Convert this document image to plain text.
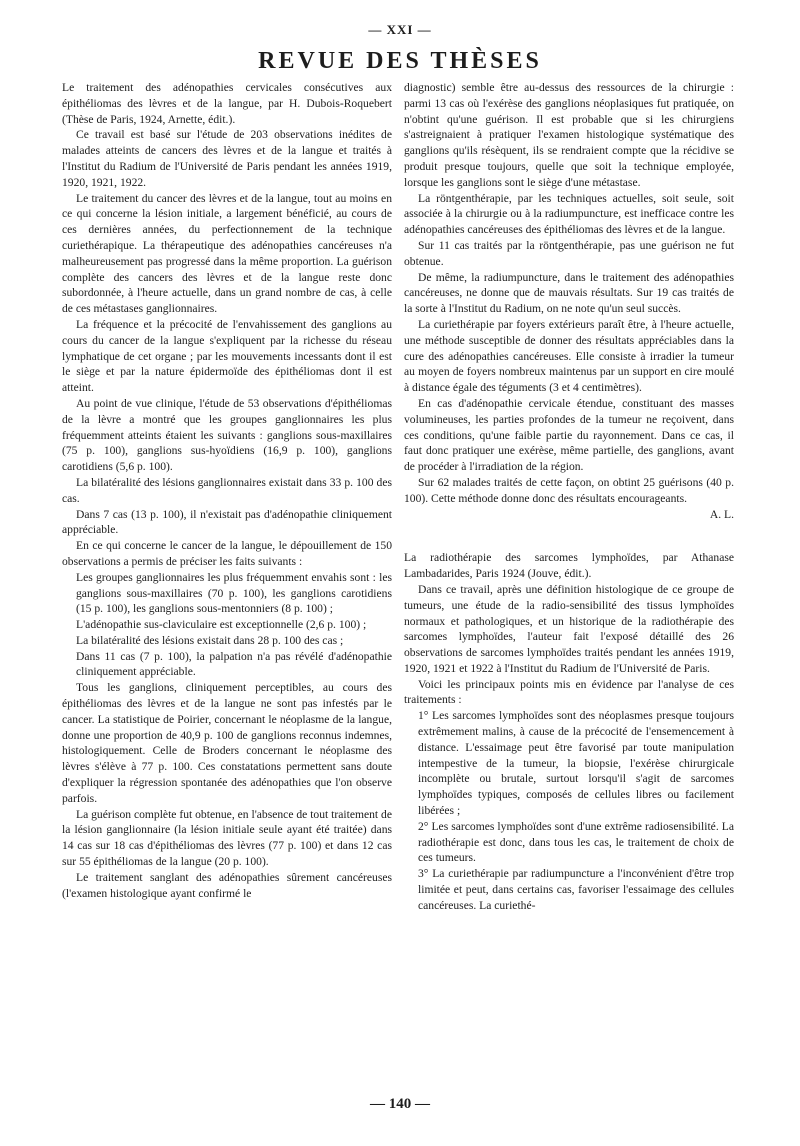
— XXI —
REVUE DES THÈSES

Le traitement des adénopathies cervicales consécutives aux épithéliomas des lèvres et de la langue, par H. Dubois-Roquebert (Thèse de Paris, 1924, Arnette, édit.).

Ce travail est basé sur l'étude de 203 observations inédites de malades atteints de cancers des lèvres et de la langue et traités à l'Institut du Radium de l'Université de Paris pendant les années 1919, 1920, 1921, 1922.

Le traitement du cancer des lèvres et de la langue, tout au moins en ce qui concerne la lésion initiale, a largement bénéficié, au cours de ces dernières années, du perfectionnement de la technique curiethérapique. La thérapeutique des adénopathies cancéreuses n'a malheureusement pas progressé dans la même proportion. La guérison complète des cancers des lèvres et de la langue reste donc subordonnée, à l'heure actuelle, dans un grand nombre de cas, à celle de ces métastases ganglionnaires.

La fréquence et la précocité de l'envahissement des ganglions au cours du cancer de la langue s'expliquent par la richesse du réseau lymphatique de cet organe ; par les mouvements incessants dont il est le siège et par la nature épidermoïde des épithéliomas dont il est atteint.

Au point de vue clinique, l'étude de 53 observations d'épithéliomas de la lèvre a montré que les groupes ganglionnaires les plus fréquemment atteints étaient les suivants : ganglions sous-maxillaires (75 p. 100), ganglions sus-hyoïdiens (16,9 p. 100), ganglions carotidiens (5,6 p. 100).

La bilatéralité des lésions ganglionnaires existait dans 33 p. 100 des cas.

Dans 7 cas (13 p. 100), il n'existait pas d'adénopathie cliniquement appréciable.

En ce qui concerne le cancer de la langue, le dépouillement de 150 observations a permis de préciser les faits suivants :

Les groupes ganglionnaires les plus fréquemment envahis sont : les ganglions sous-maxillaires (70 p. 100), les ganglions carotidiens (15 p. 100), les ganglions sous-mentonniers (8 p. 100) ;

L'adénopathie sus-claviculaire est exceptionnelle (2,6 p. 100) ;

La bilatéralité des lésions existait dans 28 p. 100 des cas ;

Dans 11 cas (7 p. 100), la palpation n'a pas révélé d'adénopathie cliniquement appréciable.

Tous les ganglions, cliniquement perceptibles, au cours des épithéliomas des lèvres et de la langue ne sont pas infestés par le cancer. La statistique de Poirier, concernant le néoplasme de la langue, donne une proportion de 40,9 p. 100 de ganglions reconnus indemnes, histologiquement. Celle de Broders concernant le néoplasme des lèvres s'élève à 77 p. 100. Ces constatations permettent sans doute d'expliquer la régression spontanée des adénopathies que l'on observe parfois.

La guérison complète fut obtenue, en l'absence de tout traitement de la lésion ganglionnaire (la lésion initiale seule ayant été traitée) dans 14 cas sur 18 cas d'épithéliomas des lèvres (77 p. 100) et dans 12 cas sur 55 épithéliomas de la langue (20 p. 100).

Le traitement sanglant des adénopathies sûrement cancéreuses (l'examen histologique ayant confirmé le

diagnostic) semble être au-dessus des ressources de la chirurgie : parmi 13 cas où l'exérèse des ganglions néoplasiques fut pratiquée, on n'obtint qu'une guérison. Il est probable que si les chirurgiens s'astreignaient à pratiquer l'examen histologique systématique des ganglions qu'ils résèquent, ils se rendraient compte que la récidive se produit presque toujours, quelle que soit la technique employée, lorsque les ganglions sont le siège d'une métastase.

La röntgenthérapie, par les techniques actuelles, soit seule, soit associée à la chirurgie ou à la radiumpuncture, est inefficace contre les adénopathies cancéreuses des épithéliomas des lèvres et de la langue.

Sur 11 cas traités par la röntgenthérapie, pas une guérison ne fut obtenue.

De même, la radiumpuncture, dans le traitement des adénopathies cancéreuses, ne donne que de mauvais résultats. Sur 19 cas traités de la sorte à l'Institut du Radium, on ne note qu'un seul succès.

La curiethérapie par foyers extérieurs paraît être, à l'heure actuelle, une méthode susceptible de donner des résultats appréciables dans la cure des adénopathies cancéreuses. Elle consiste à irradier la tumeur au moyen de foyers nombreux maintenus par un support en cire moulé à distance égale des téguments (3 et 4 centimètres).

En cas d'adénopathie cervicale étendue, constituant des masses volumineuses, les parties profondes de la tumeur ne reçoivent, dans ces conditions, qu'une faible partie du rayonnement. Dans ce cas, il faut donc pratiquer une exérèse, même partielle, des ganglions, avant de procéder à l'irradiation de la région.

Sur 62 malades traités de cette façon, on obtint 25 guérisons (40 p. 100). Cette méthode donne donc des résultats encourageants.

A. L.

La radiothérapie des sarcomes lymphoïdes, par Athanase Lambadarides, Paris 1924 (Jouve, édit.).

Dans ce travail, après une définition histologique de ce groupe de tumeurs, une étude de la radio-sensibilité des tissus lymphoïdes normaux et pathologiques, et un historique de la radiothérapie des sarcomes lymphoïdes, l'auteur fait l'exposé détaillé des 26 observations de sarcomes lymphoïdes traités pendant les années 1919, 1920, 1921 et 1922 à l'Institut du Radium de l'Université de Paris.

Voici les principaux points mis en évidence par l'analyse de ces traitements :

1° Les sarcomes lymphoïdes sont des néoplasmes presque toujours extrêmement malins, à cause de la précocité de l'ensemencement à distance. L'essaimage peut être favorisé par toute manipulation intempestive de la tumeur, la biopsie, l'exérèse chirurgicale incomplète ou brutale, surtout lorsqu'il s'agit de sarcomes lymphoïdes typiques, composés de cellules libres ou facilement libérées ;

2° Les sarcomes lymphoïdes sont d'une extrême radiosensibilité. La radiothérapie est donc, dans tous les cas, le traitement de choix de ces tumeurs.

3° La curiethérapie par radiumpuncture a l'inconvénient d'être trop limitée et peut, dans certains cas, favoriser l'essaimage des cellules cancéreuses. La curiethé-

— 140 —
